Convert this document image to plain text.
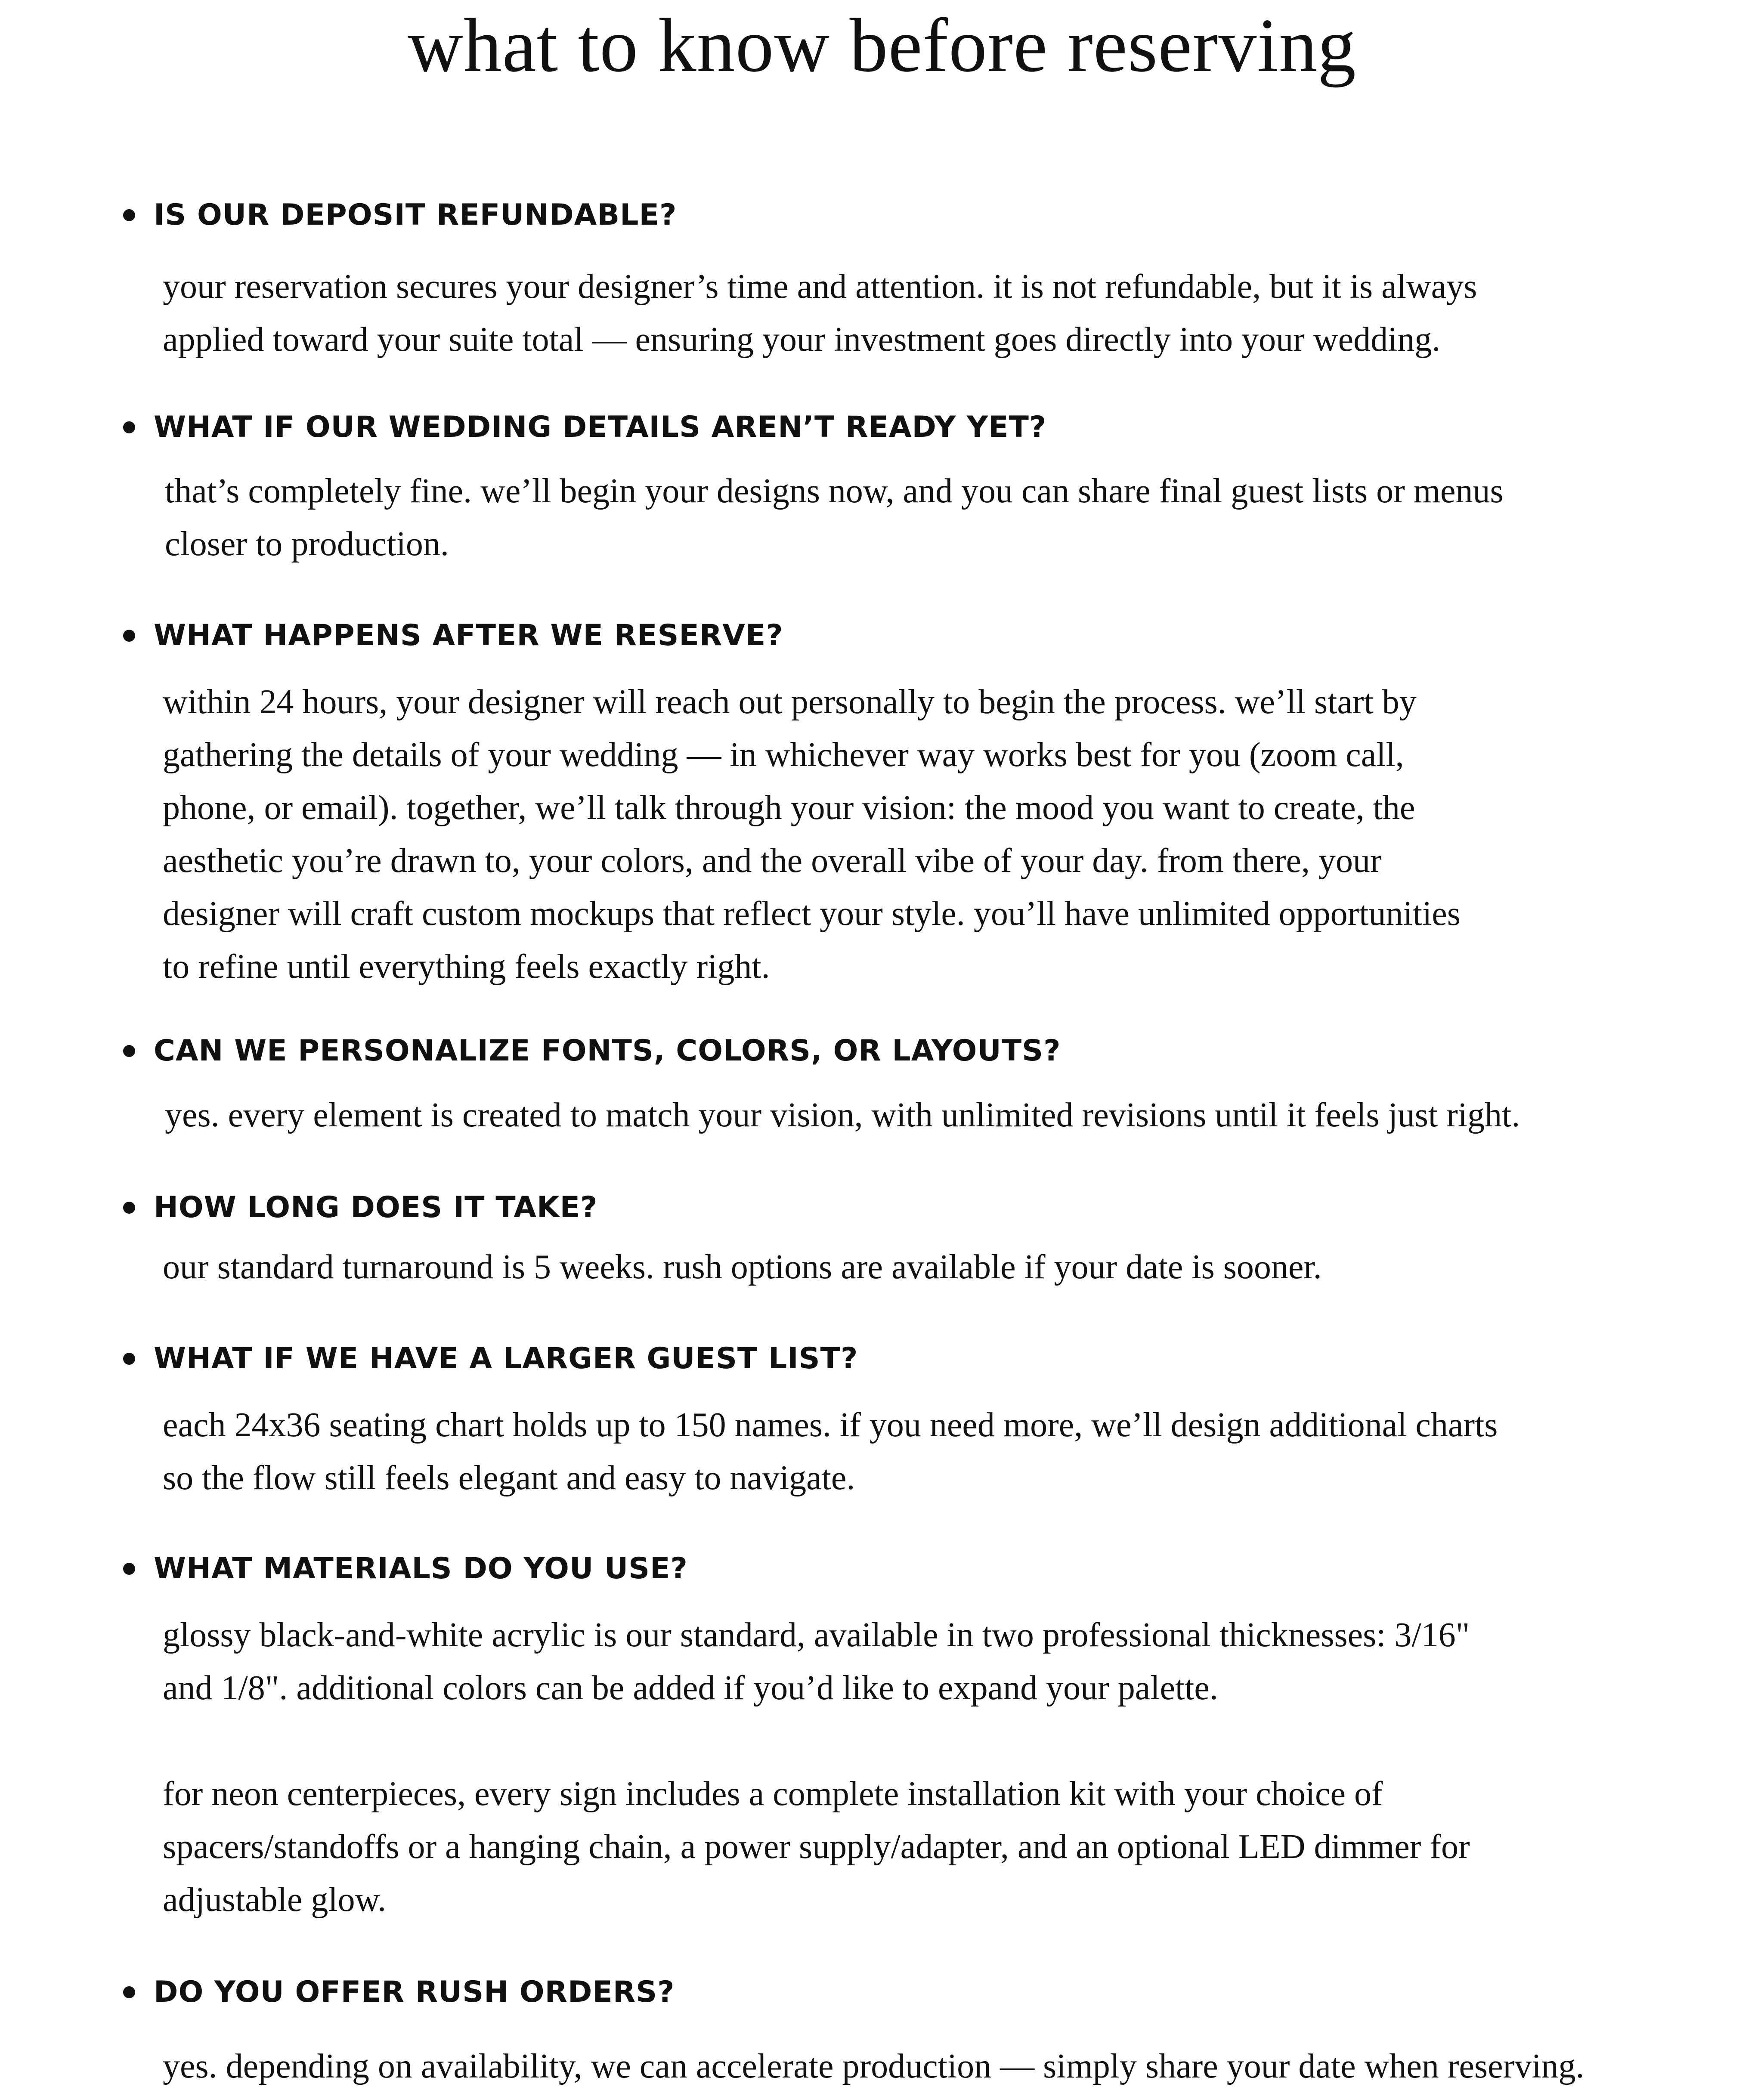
what to know before reserving
IS OUR DEPOSIT REFUNDABLE?

your reservation secures your designer’s time and attention. it is not refundable, but it is always
applied toward your suite total — ensuring your investment goes directly into your wedding.

WHAT IF OUR WEDDING DETAILS AREN’T READY YET?

that’s completely fine. we’ll begin your designs now, and you can share final guest lists or menus
closer to production.

WHAT HAPPENS AFTER WE RESERVE?

within 24 hours, your designer will reach out personally to begin the process. we’ll start by
gathering the details of your wedding — in whichever way works best for you (zoom call,
phone, or email). together, we’ll talk through your vision: the mood you want to create, the
aesthetic you’re drawn to, your colors, and the overall vibe of your day. from there, your
designer will craft custom mockups that reflect your style. you’ll have unlimited opportunities
to refine until everything feels exactly right.

CAN WE PERSONALIZE FONTS, COLORS, OR LAYOUTS?

yes. every element is created to match your vision, with unlimited revisions until it feels just right.

HOW LONG DOES IT TAKE?

our standard turnaround is 5 weeks. rush options are available if your date is sooner.

WHAT IF WE HAVE A LARGER GUEST LIST?

each 24x36 seating chart holds up to 150 names. if you need more, we’ll design additional charts
so the flow still feels elegant and easy to navigate.

WHAT MATERIALS DO YOU USE?

glossy black-and-white acrylic is our standard, available in two professional thicknesses: 3/16"
and 1/8". additional colors can be added if you’d like to expand your palette.

for neon centerpieces, every sign includes a complete installation kit with your choice of
spacers/standoffs or a hanging chain, a power supply/adapter, and an optional LED dimmer for
adjustable glow.

DO YOU OFFER RUSH ORDERS?

yes. depending on availability, we can accelerate production — simply share your date when reserving.
